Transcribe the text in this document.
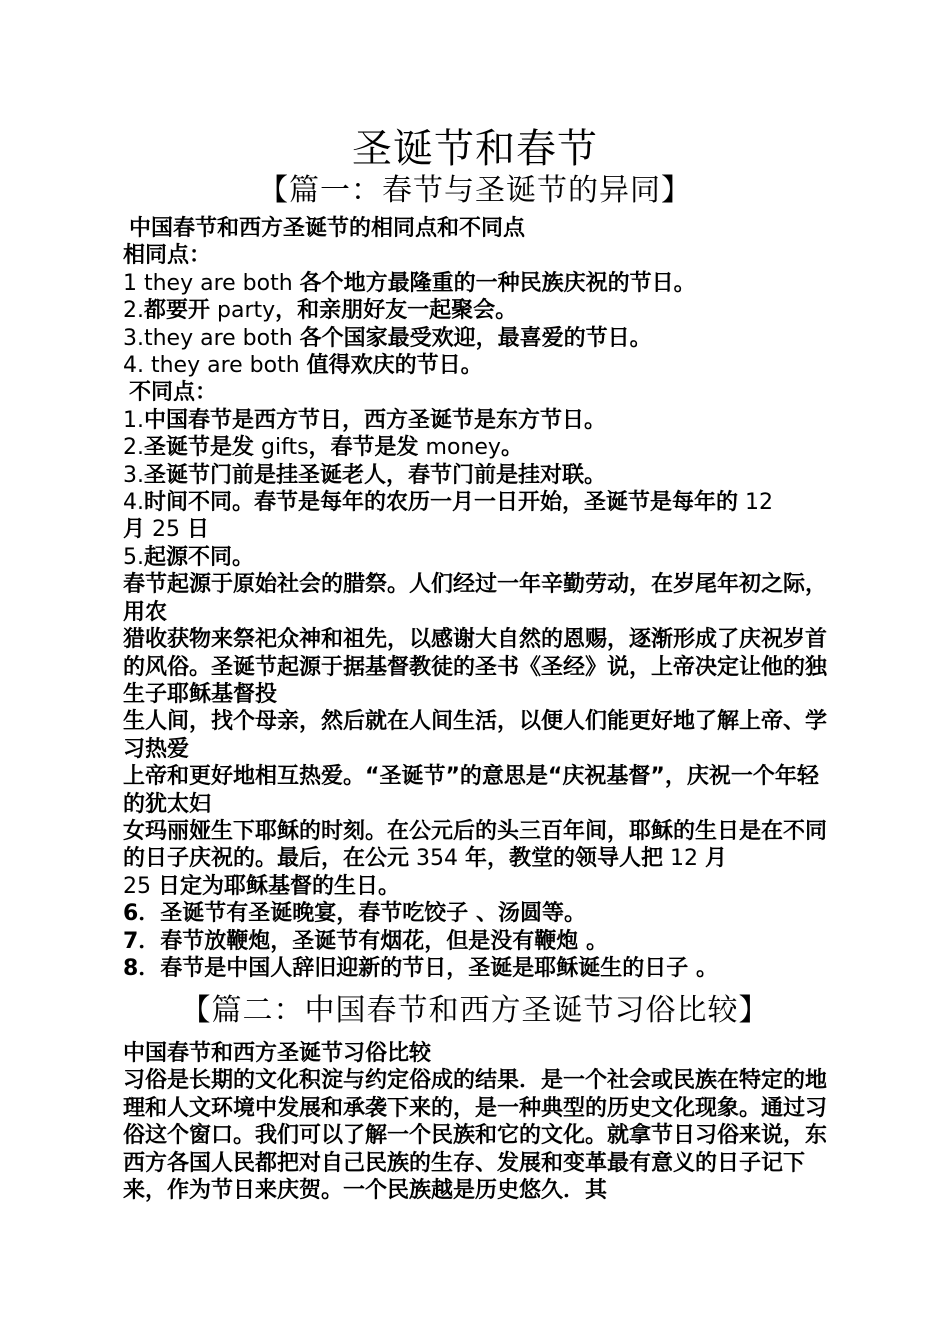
圣诞节和春节
【篇一：春节与圣诞节的异同】

中国春节和西方圣诞节的相同点和不同点

相同点：

1 they are both 各个地方最隆重的一种民族庆祝的节日。

2.都要开 party，和亲朋好友一起聚会。

3.they are both 各个国家最受欢迎，最喜爱的节日。

4. they are both 值得欢庆的节日。

不同点：

1.中国春节是西方节日，西方圣诞节是东方节日。

2.圣诞节是发 gifts，春节是发 money。

3.圣诞节门前是挂圣诞老人，春节门前是挂对联。

4.时间不同。春节是每年的农历一月一日开始，圣诞节是每年的 12
月 25 日

5.起源不同。

春节起源于原始社会的腊祭。人们经过一年辛勤劳动，在岁尾年初之际，用农

猎收获物来祭祀众神和祖先，以感谢大自然的恩赐，逐渐形成了庆祝岁首的风俗。圣诞节起源于据基督教徒的圣书《圣经》说，上帝决定让他的独生子耶稣基督投

生人间，找个母亲，然后就在人间生活，以便人们能更好地了解上帝、学习热爱

上帝和更好地相互热爱。“圣诞节”的意思是“庆祝基督”，庆祝一个年轻的犹太妇

女玛丽娅生下耶稣的时刻。在公元后的头三百年间，耶稣的生日是在不同的日子庆祝的。最后，在公元 354 年，教堂的领导人把 12 月
25 日定为耶稣基督的生日。

6．圣诞节有圣诞晚宴，春节吃饺子 、汤圆等。

7．春节放鞭炮，圣诞节有烟花，但是没有鞭炮 。

8．春节是中国人辞旧迎新的节日，圣诞是耶稣诞生的日子 。

【篇二：中国春节和西方圣诞节习俗比较】

中国春节和西方圣诞节习俗比较

习俗是长期的文化积淀与约定俗成的结果．是一个社会或民族在特定的地理和人文环境中发展和承袭下来的，是一种典型的历史文化现象。通过习俗这个窗口。我们可以了解一个民族和它的文化。就拿节日习俗来说，东西方各国人民都把对自己民族的生存、发展和变革最有意义的日子记下来，作为节日来庆贺。一个民族越是历史悠久．其
